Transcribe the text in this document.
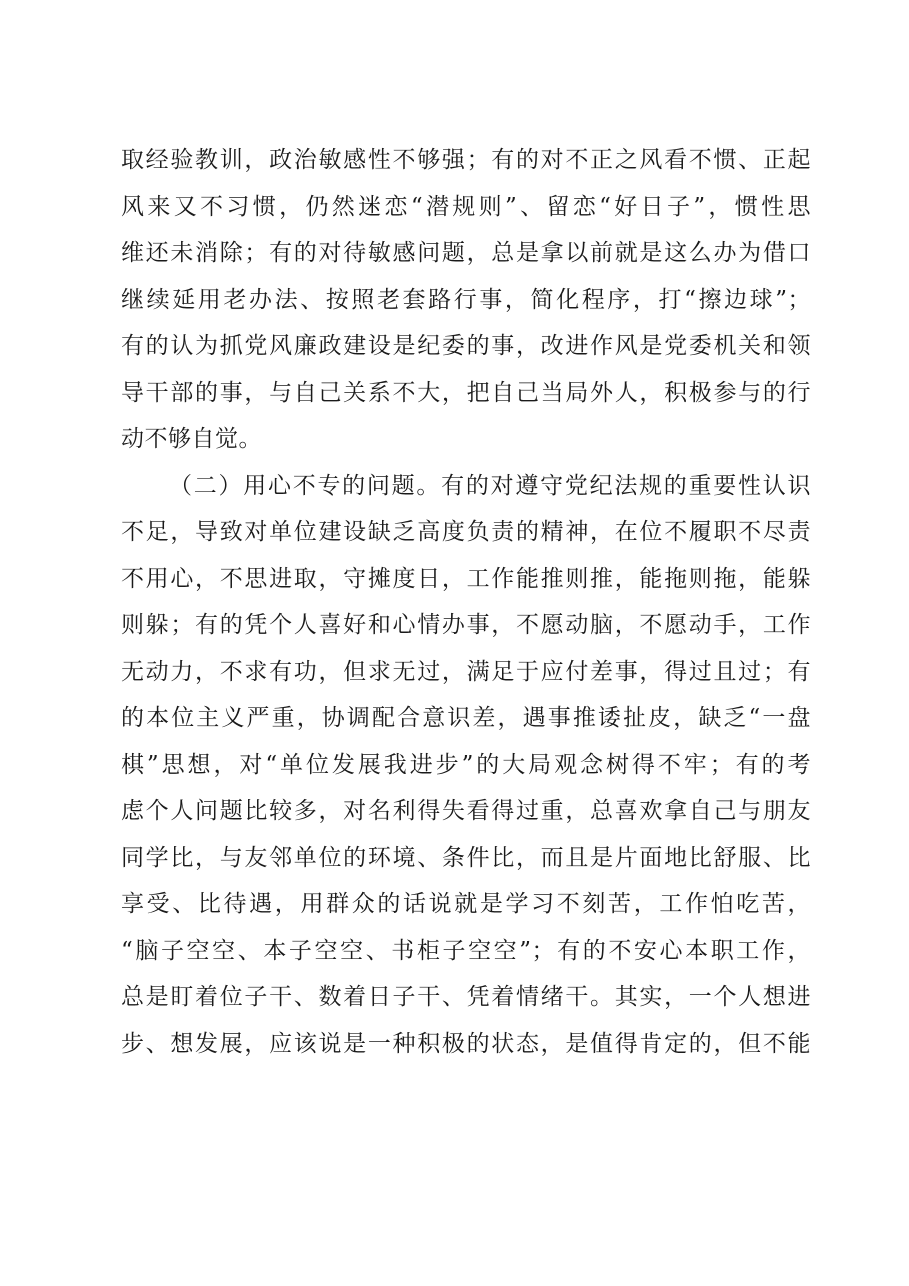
取经验教训，政治敏感性不够强；有的对不正之风看不惯、正起
风来又不习惯，仍然迷恋“潜规则”、留恋“好日子”，惯性思
维还未消除；有的对待敏感问题，总是拿以前就是这么办为借口
继续延用老办法、按照老套路行事，简化程序，打“擦边球”；
有的认为抓党风廉政建设是纪委的事，改进作风是党委机关和领
导干部的事，与自己关系不大，把自己当局外人，积极参与的行
动不够自觉。
（二）用心不专的问题。有的对遵守党纪法规的重要性认识
不足，导致对单位建设缺乏高度负责的精神，在位不履职不尽责
不用心，不思进取，守摊度日，工作能推则推，能拖则拖，能躲
则躲；有的凭个人喜好和心情办事，不愿动脑，不愿动手，工作
无动力，不求有功，但求无过，满足于应付差事，得过且过；有
的本位主义严重，协调配合意识差，遇事推诿扯皮，缺乏“一盘
棋”思想，对“单位发展我进步”的大局观念树得不牢；有的考
虑个人问题比较多，对名利得失看得过重，总喜欢拿自己与朋友
同学比，与友邻单位的环境、条件比，而且是片面地比舒服、比
享受、比待遇，用群众的话说就是学习不刻苦，工作怕吃苦，
“脑子空空、本子空空、书柜子空空”；有的不安心本职工作，
总是盯着位子干、数着日子干、凭着情绪干。其实，一个人想进
步、想发展，应该说是一种积极的状态，是值得肯定的，但不能
